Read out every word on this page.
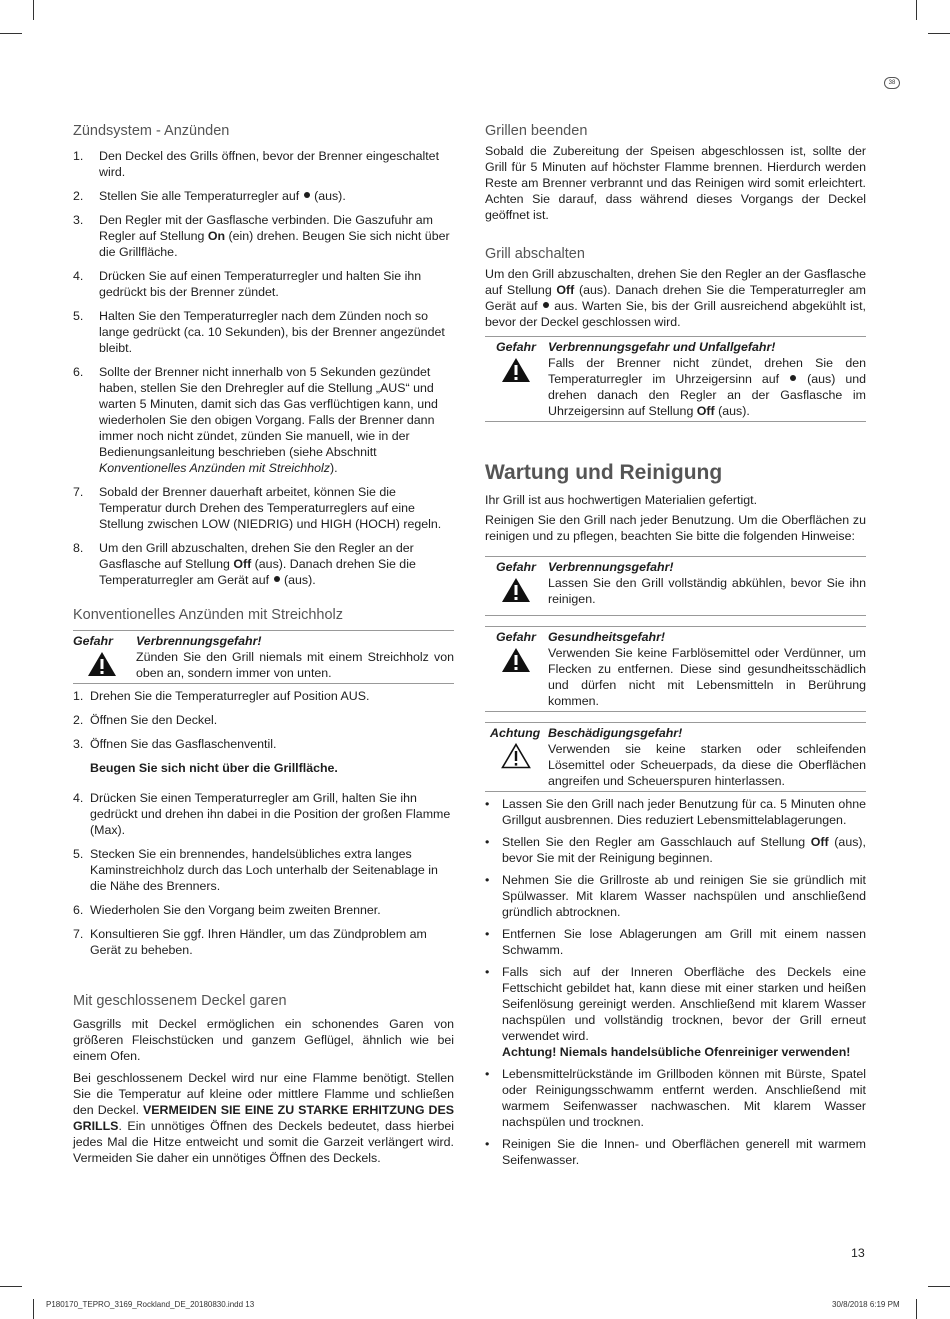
38
Zündsystem - Anzünden
1. Den Deckel des Grills öffnen, bevor der Brenner eingeschaltet wird.
2. Stellen Sie alle Temperaturregler auf  (aus).
3. Den Regler mit der Gasflasche verbinden. Die Gaszufuhr am Regler auf Stellung On (ein) drehen. Beugen Sie sich nicht über die Grillfläche.
4. Drücken Sie auf einen Temperaturregler und halten Sie ihn gedrückt bis der Brenner zündet.
5. Halten Sie den Temperaturregler nach dem Zünden noch so lange gedrückt (ca. 10 Sekunden), bis der Brenner angezündet bleibt.
6. Sollte der Brenner nicht innerhalb von 5 Sekunden gezündet haben, stellen Sie den Drehregler auf die Stellung „AUS“ und warten 5 Minuten, damit sich das Gas verflüchtigen kann, und wiederholen Sie den obigen Vorgang. Falls der Brenner dann immer noch nicht zündet, zünden Sie manuell, wie in der Bedienungsanleitung beschrieben (siehe Abschnitt Konventionelles Anzünden mit Streichholz).
7. Sobald der Brenner dauerhaft arbeitet, können Sie die Temperatur durch Drehen des Temperaturreglers auf eine Stellung zwischen LOW (NIEDRIG) und HIGH (HOCH) regeln.
8. Um den Grill abzuschalten, drehen Sie den Regler an der Gasflasche auf Stellung Off (aus). Danach drehen Sie die Temperaturregler am Gerät auf  (aus).
Konventionelles Anzünden mit Streichholz
Gefahr Verbrennungsgefahr!
Zünden Sie den Grill niemals mit einem Streichholz von oben an, sondern immer von unten.
1. Drehen Sie die Temperaturregler auf Position AUS.
2. Öffnen Sie den Deckel.
3. Öffnen Sie das Gasflaschenventil.
Beugen Sie sich nicht über die Grillfläche.
4. Drücken Sie einen Temperaturregler am Grill, halten Sie ihn gedrückt und drehen ihn dabei in die Position der großen Flamme (Max).
5. Stecken Sie ein brennendes, handelsübliches extra langes Kaminstreichholz durch das Loch unterhalb der Seitenablage in die Nähe des Brenners.
6. Wiederholen Sie den Vorgang beim zweiten Brenner.
7. Konsultieren Sie ggf. Ihren Händler, um das Zündproblem am Gerät zu beheben.
Mit geschlossenem Deckel garen

Gasgrills mit Deckel ermöglichen ein schonendes Garen von größeren Fleischstücken und ganzem Geflügel, ähnlich wie bei einem Ofen.

Bei geschlossenem Deckel wird nur eine Flamme benötigt. Stellen Sie die Temperatur auf kleine oder mittlere Flamme und schließen den Deckel. VERMEIDEN SIE EINE ZU STARKE ERHITZUNG DES GRILLS. Ein unnötiges Öffnen des Deckels bedeutet, dass hierbei jedes Mal die Hitze entweicht und somit die Garzeit verlängert wird. Vermeiden Sie daher ein unnötiges Öffnen des Deckels.

Grillen beenden

Sobald die Zubereitung der Speisen abgeschlossen ist, sollte der Grill für 5 Minuten auf höchster Flamme brennen. Hierdurch werden Reste am Brenner verbrannt und das Reinigen wird somit erleichtert. Achten Sie darauf, dass während dieses Vorgangs der Deckel geöffnet ist.

Grill abschalten

Um den Grill abzuschalten, drehen Sie den Regler an der Gasflasche auf Stellung Off (aus). Danach drehen Sie die Temperaturregler am Gerät auf  aus. Warten Sie, bis der Grill ausreichend abgekühlt ist, bevor der Deckel geschlossen wird.

Gefahr Verbrennungsgefahr und Unfallgefahr!
Falls der Brenner nicht zündet, drehen Sie den Temperaturregler im Uhrzeigersinn auf  (aus) und drehen danach den Regler an der Gasflasche im Uhrzeigersinn auf Stellung Off (aus).
Wartung und Reinigung

Ihr Grill ist aus hochwertigen Materialien gefertigt.

Reinigen Sie den Grill nach jeder Benutzung. Um die Oberflächen zu reinigen und zu pflegen, beachten Sie bitte die folgenden Hinweise:

Gefahr Verbrennungsgefahr!
Lassen Sie den Grill vollständig abkühlen, bevor Sie ihn reinigen.
Gefahr Gesundheitsgefahr!
Verwenden Sie keine Farblösemittel oder Verdünner, um Flecken zu entfernen. Diese sind gesundheitsschädlich und dürfen nicht mit Lebensmitteln in Berührung kommen.
Achtung Beschädigungsgefahr!
Verwenden sie keine starken oder schleifenden Lösemittel oder Scheuerpads, da diese die Oberflächen angreifen und Scheuerspuren hinterlassen.
• Lassen Sie den Grill nach jeder Benutzung für ca. 5 Minuten ohne Grillgut ausbrennen. Dies reduziert Lebensmittelablagerungen.
• Stellen Sie den Regler am Gasschlauch auf Stellung Off (aus), bevor Sie mit der Reinigung beginnen.
• Nehmen Sie die Grillroste ab und reinigen Sie sie gründlich mit Spülwasser. Mit klarem Wasser nachspülen und anschließend gründlich abtrocknen.
• Entfernen Sie lose Ablagerungen am Grill mit einem nassen Schwamm.
• Falls sich auf der Inneren Oberfläche des Deckels eine Fettschicht gebildet hat, kann diese mit einer starken und heißen Seifenlösung gereinigt werden. Anschließend mit klarem Wasser nachspülen und vollständig trocknen, bevor der Grill erneut verwendet wird.
Achtung! Niemals handelsübliche Ofenreiniger verwenden!
• Lebensmittelrückstände im Grillboden können mit Bürste, Spatel oder Reinigungsschwamm entfernt werden. Anschließend mit warmem Seifenwasser nachwaschen. Mit klarem Wasser nachspülen und trocknen.
• Reinigen Sie die Innen- und Oberflächen generell mit warmem Seifenwasser.
13
P180170_TEPRO_3169_Rockland_DE_20180830.indd 13	30/8/2018 6:19 PM
